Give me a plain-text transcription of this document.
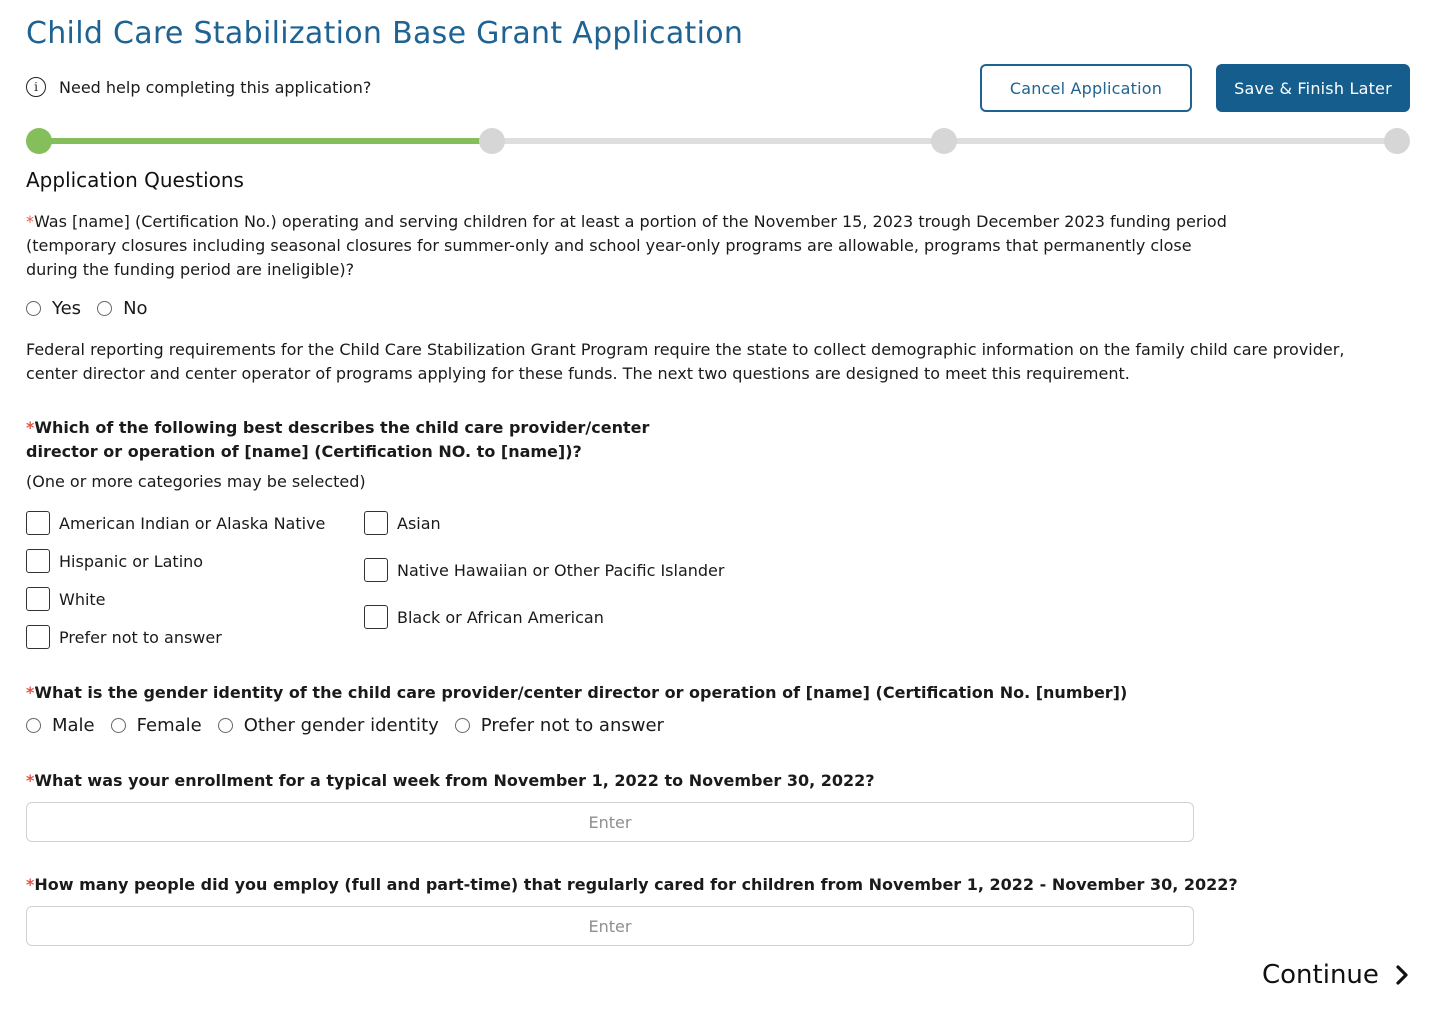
Child Care Stabilization Base Grant Application
i	Need help completing this application?	Cancel Application	Save & Finish Later
Application Questions

*Was [name] (Certification No.) operating and serving children for at least a portion of the November 15, 2023 trough December 2023 funding period (temporary closures including seasonal closures for summer-only and school year-only programs are allowable, programs that permanently close during the funding period are ineligible)?

Yes No

Federal reporting requirements for the Child Care Stabilization Grant Program require the state to collect demographic information on the family child care provider, center director and center operator of programs applying for these funds. The next two questions are designed to meet this requirement.

*Which of the following best describes the child care provider/center director or operation of [name] (Certification NO. to [name])?

(One or more categories may be selected)

American Indian or Alaska Native
Hispanic or Latino
White
Prefer not to answer
Asian
Native Hawaiian or Other Pacific Islander
Black or African American

*What is the gender identity of the child care provider/center director or operation of [name] (Certification No. [number])

Male Female Other gender identity Prefer not to answer

*What was your enrollment for a typical week from November 1, 2022 to November 30, 2022?

Enter

*How many people did you employ (full and part-time) that regularly cared for children from November 1, 2022 - November 30, 2022?

Enter
Continue
